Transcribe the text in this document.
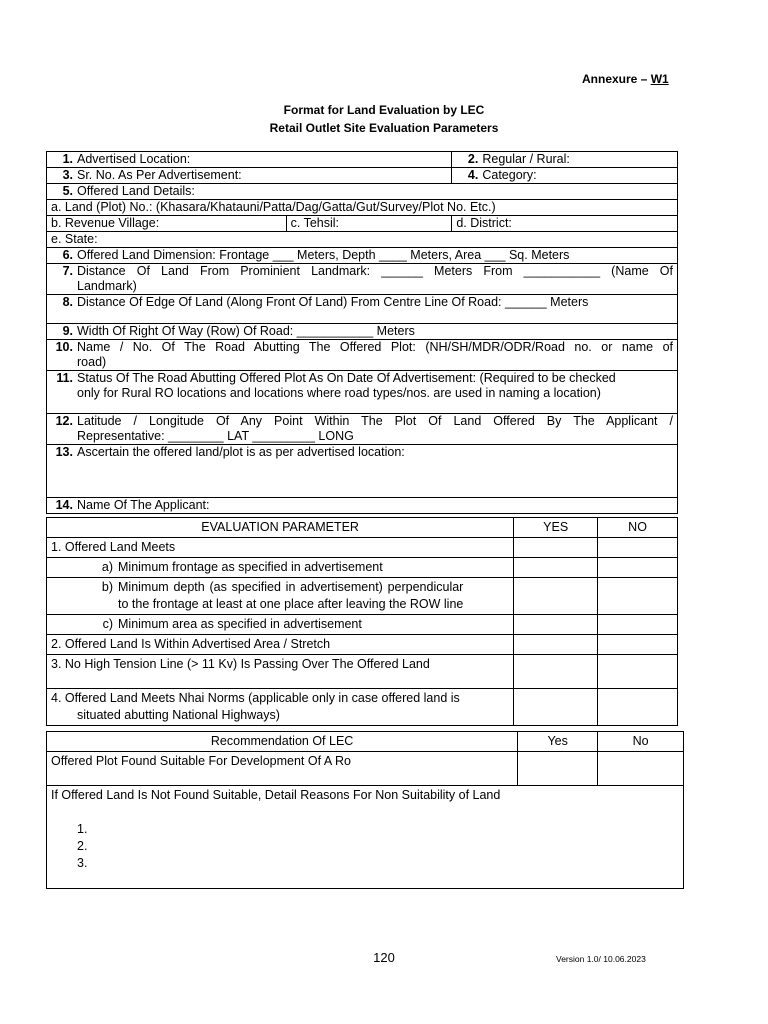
Annexure – W1
Format for Land Evaluation by LEC
Retail Outlet Site Evaluation Parameters
1. Advertised Location:		2. Regular / Rural:
3. Sr. No. As Per Advertisement:		4. Category:
5. Offered Land Details:		
a. Land (Plot) No.: (Khasara/Khatauni/Patta/Dag/Gatta/Gut/Survey/Plot No. Etc.)		
b. Revenue Village:	c. Tehsil:	d. District:
e. State:		
6. Offered Land Dimension: Frontage ___ Meters, Depth ____ Meters, Area ___ Sq. Meters		

7. Distance Of Land From Prominient Landmark: ______ Meters From ___________ (Name Of
Landmark)		

8. Distance Of Edge Of Land (Along Front Of Land) From Centre Line Of Road: ______ Meters		
9. Width Of Right Of Way (Row) Of Road: ___________ Meters		

10. Name / No. Of The Road Abutting The Offered Plot: (NH/SH/MDR/ODR/Road no. or name of
road)		

11. Status Of The Road Abutting Offered Plot As On Date Of Advertisement: (Required to be checked
only for Rural RO locations and locations where road types/nos. are used in naming a location)		

12. Latitude / Longitude Of Any Point Within The Plot Of Land Offered By The Applicant /
Representative: ________ LAT _________ LONG		

13. Ascertain the offered land/plot is as per advertised location:		
14. Name Of The Applicant:		
EVALUATION PARAMETER	YES	NO
1. Offered Land Meets		

a) Minimum frontage as specified in advertisement		

b) Minimum depth (as specified in advertisement) perpendicular
to the frontage at least at one place after leaving the ROW line		

c) Minimum area as specified in advertisement		

2. Offered Land Is Within Advertised Area / Stretch		
3. No High Tension Line (> 11 Kv) Is Passing Over The Offered Land		

4. Offered Land Meets Nhai Norms (applicable only in case offered land is
situated abutting National Highways)		

Recommendation Of LEC	Yes	No
Offered Plot Found Suitable For Development Of A Ro		

If Offered Land Is Not Found Suitable, Detail Reasons For Non Suitability of Land
1.
2.
3.		
120	Version 1.0/ 10.06.2023
